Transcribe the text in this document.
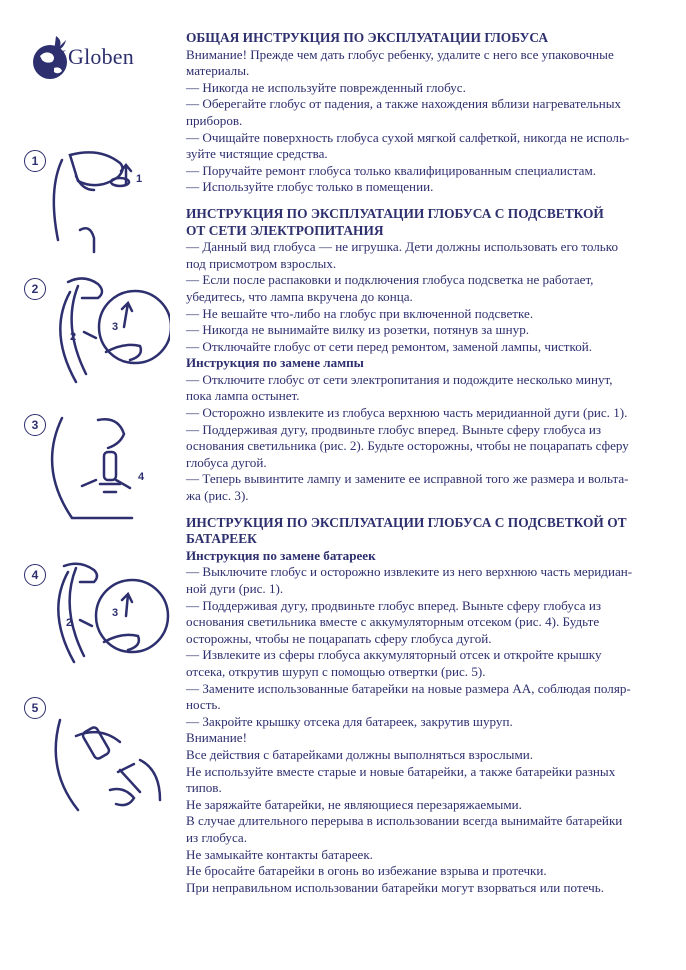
Globen
1
2
3
4
5
1
2
3
4
2
3

ОБЩАЯ ИНСТРУКЦИЯ ПО ЭКСПЛУАТАЦИИ ГЛОБУСА

Внимание! Прежде чем дать глобус ребенку, удалите с него все упаковочные

материалы.

— Никогда не используйте поврежденный глобус.

— Оберегайте глобус от падения, а также нахождения вблизи нагревательных

приборов.

— Очищайте поверхность глобуса сухой мягкой салфеткой, никогда не исполь-

зуйте чистящие средства.

— Поручайте ремонт глобуса только квалифицированным специалистам.

— Используйте глобус только в помещении.

ИНСТРУКЦИЯ ПО ЭКСПЛУАТАЦИИ ГЛОБУСА С ПОДСВЕТКОЙ

ОТ СЕТИ ЭЛЕКТРОПИТАНИЯ

— Данный вид глобуса — не игрушка. Дети должны использовать его только

под присмотром взрослых.

— Если после распаковки и подключения глобуса подсветка не работает,

убедитесь, что лампа вкручена до конца.

— Не вешайте что-либо на глобус при включенной подсветке.

— Никогда не вынимайте вилку из розетки, потянув за шнур.

— Отключайте глобус от сети перед ремонтом, заменой лампы, чисткой.

Инструкция по замене лампы

— Отключите глобус от сети электропитания и подождите несколько минут,

пока лампа остынет.

— Осторожно извлеките из глобуса верхнюю часть меридианной дуги (рис. 1).

— Поддерживая дугу, продвиньте глобус вперед. Выньте сферу глобуса из

основания светильника (рис. 2). Будьте осторожны, чтобы не поцарапать сферу

глобуса дугой.

— Теперь вывинтите лампу и замените ее исправной того же размера и вольта-

жа (рис. 3).

ИНСТРУКЦИЯ ПО ЭКСПЛУАТАЦИИ ГЛОБУСА С ПОДСВЕТКОЙ ОТ

БАТАРЕЕК

Инструкция по замене батареек

— Выключите глобус и осторожно извлеките из него верхнюю часть меридиан-

ной дуги (рис. 1).

— Поддерживая дугу, продвиньте глобус вперед. Выньте сферу глобуса из

основания светильника вместе с аккумуляторным отсеком (рис. 4). Будьте

осторожны, чтобы не поцарапать сферу глобуса дугой.

— Извлеките из сферы глобуса аккумуляторный отсек и откройте крышку

отсека, открутив шуруп с помощью отвертки (рис. 5).

— Замените использованные батарейки на новые размера АА, соблюдая поляр-

ность.

— Закройте крышку отсека для батареек, закрутив шуруп.

Внимание!

Все действия с батарейками должны выполняться взрослыми.

Не используйте вместе старые и новые батарейки, а также батарейки разных

типов.

Не заряжайте батарейки, не являющиеся перезаряжаемыми.

В случае длительного перерыва в использовании всегда вынимайте батарейки

из глобуса.

Не замыкайте контакты батареек.

Не бросайте батарейки в огонь во избежание взрыва и протечки.

При неправильном использовании батарейки могут взорваться или потечь.
